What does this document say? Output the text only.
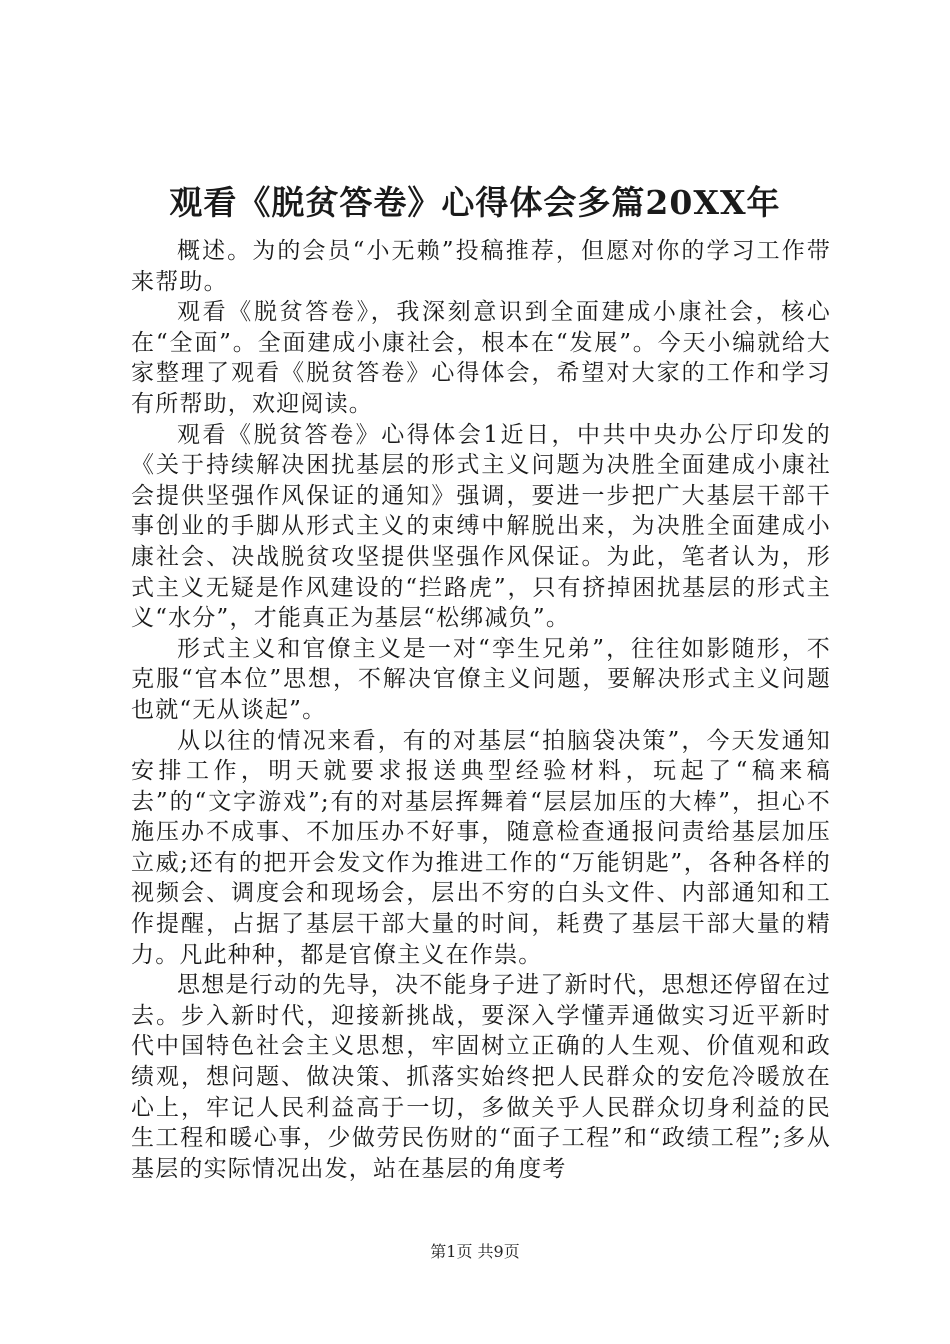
观看《脱贫答卷》心得体会多篇20XX年

概述。为的会员“小无赖”投稿推荐，但愿对你的学习工作带来帮助。

观看《脱贫答卷》，我深刻意识到全面建成小康社会，核心在“全面”。全面建成小康社会，根本在“发展”。今天小编就给大家整理了观看《脱贫答卷》心得体会，希望对大家的工作和学习有所帮助，欢迎阅读。

观看《脱贫答卷》心得体会1近日，中共中央办公厅印发的《关于持续解决困扰基层的形式主义问题为决胜全面建成小康社会提供坚强作风保证的通知》强调，要进一步把广大基层干部干事创业的手脚从形式主义的束缚中解脱出来，为决胜全面建成小康社会、决战脱贫攻坚提供坚强作风保证。为此，笔者认为，形式主义无疑是作风建设的“拦路虎”，只有挤掉困扰基层的形式主义“水分”，才能真正为基层“松绑减负”。

形式主义和官僚主义是一对“孪生兄弟”，往往如影随形，不克服“官本位”思想，不解决官僚主义问题，要解决形式主义问题也就“无从谈起”。

从以往的情况来看，有的对基层“拍脑袋决策”，今天发通知安排工作，明天就要求报送典型经验材料，玩起了“稿来稿去”的“文字游戏”;有的对基层挥舞着“层层加压的大棒”，担心不施压办不成事、不加压办不好事，随意检查通报问责给基层加压立威;还有的把开会发文作为推进工作的“万能钥匙”，各种各样的视频会、调度会和现场会，层出不穷的白头文件、内部通知和工作提醒，占据了基层干部大量的时间，耗费了基层干部大量的精力。凡此种种，都是官僚主义在作祟。

思想是行动的先导，决不能身子进了新时代，思想还停留在过去。步入新时代，迎接新挑战，要深入学懂弄通做实习近平新时代中国特色社会主义思想，牢固树立正确的人生观、价值观和政绩观，想问题、做决策、抓落实始终把人民群众的安危冷暖放在心上，牢记人民利益高于一切，多做关乎人民群众切身利益的民生工程和暖心事，少做劳民伤财的“面子工程”和“政绩工程”;多从基层的实际情况出发，站在基层的角度考

第1页 共9页
